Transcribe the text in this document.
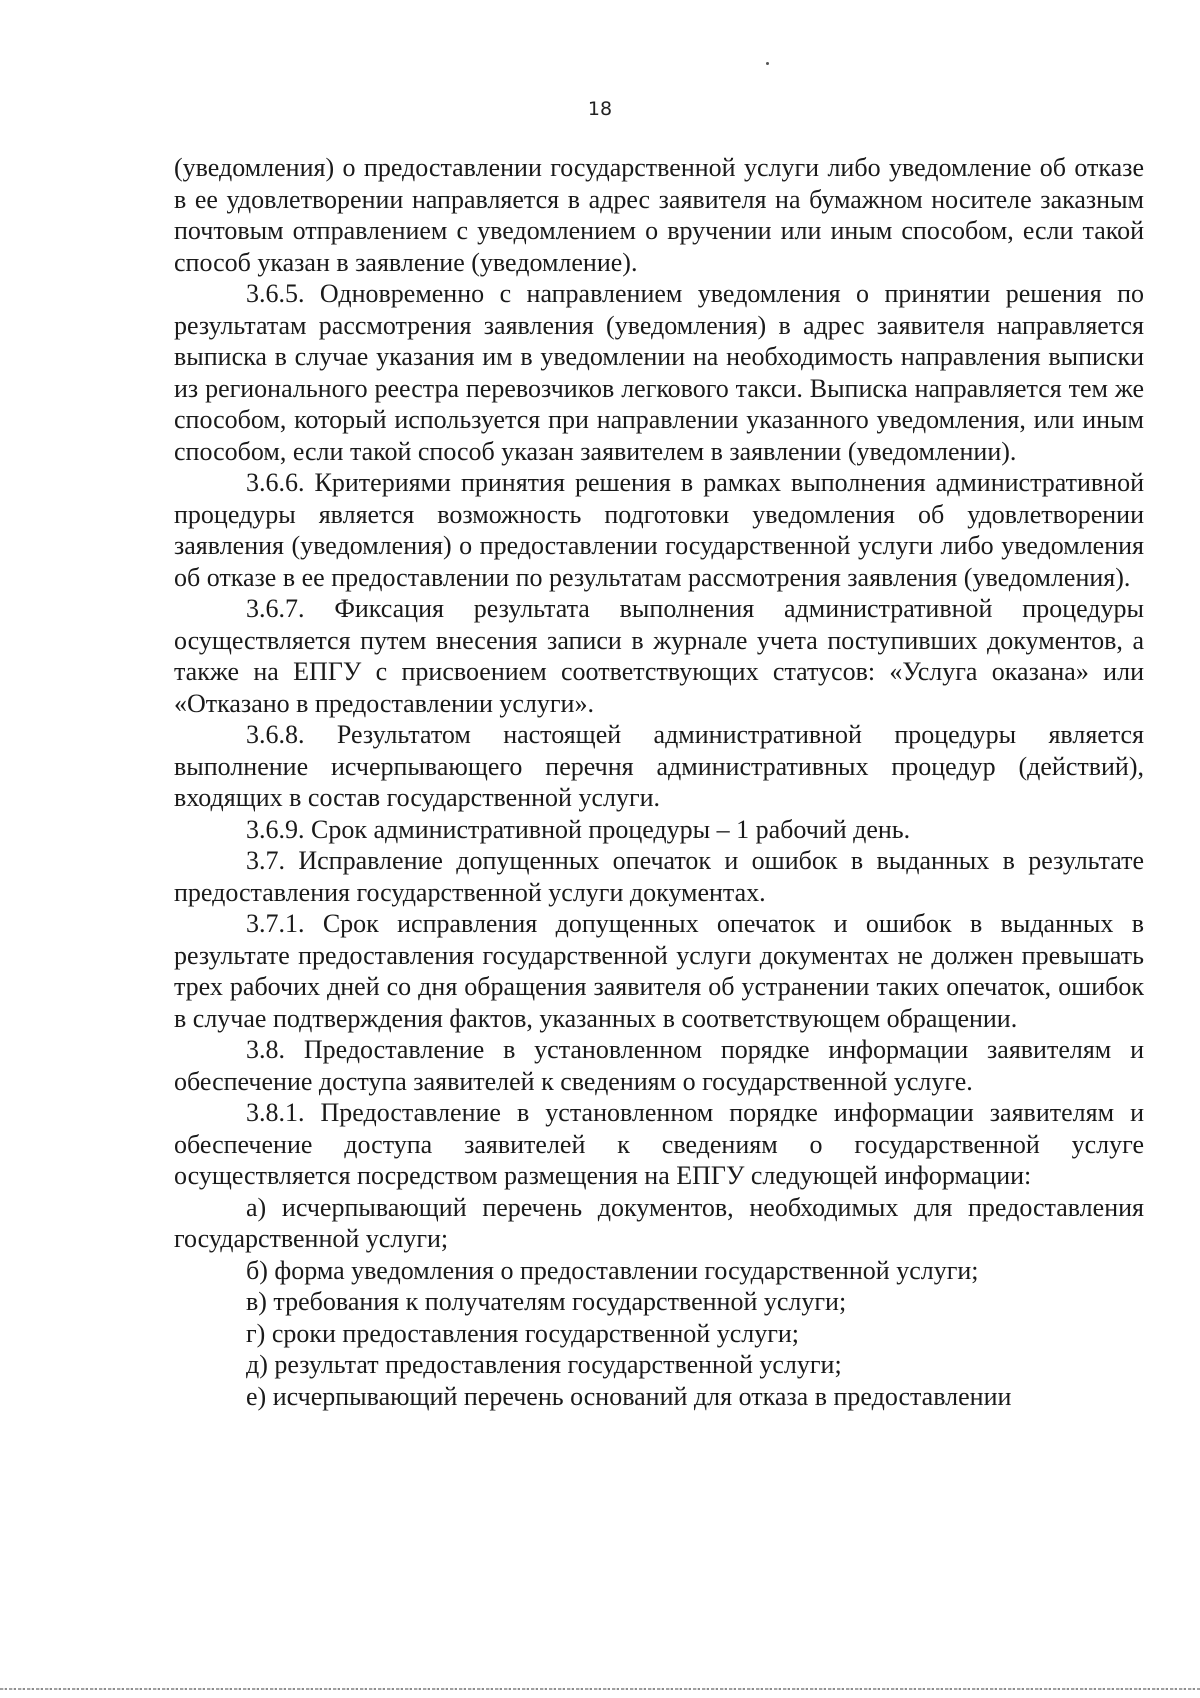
18

(уведомления) о предоставлении государственной услуги либо уведомление об отказе в ее удовлетворении направляется в адрес заявителя на бумажном носителе заказным почтовым отправлением с уведомлением о вручении или иным способом, если такой способ указан в заявление (уведомление).

3.6.5. Одновременно с направлением уведомления о принятии решения по результатам рассмотрения заявления (уведомления) в адрес заявителя направляется выписка в случае указания им в уведомлении на необходимость направления выписки из регионального реестра перевозчиков легкового такси. Выписка направляется тем же способом, который используется при направлении указанного уведомления, или иным способом, если такой способ указан заявителем в заявлении (уведомлении).

3.6.6. Критериями принятия решения в рамках выполнения административной процедуры является возможность подготовки уведомления об удовлетворении заявления (уведомления) о предоставлении государственной услуги либо уведомления об отказе в ее предоставлении по результатам рассмотрения заявления (уведомления).

3.6.7. Фиксация результата выполнения административной процедуры осуществляется путем внесения записи в журнале учета поступивших документов, а также на ЕПГУ с присвоением соответствующих статусов: «Услуга оказана» или «Отказано в предоставлении услуги».

3.6.8. Результатом настоящей административной процедуры является выполнение исчерпывающего перечня административных процедур (действий), входящих в состав государственной услуги.

3.6.9. Срок административной процедуры – 1 рабочий день.

3.7. Исправление допущенных опечаток и ошибок в выданных в результате предоставления государственной услуги документах.

3.7.1. Срок исправления допущенных опечаток и ошибок в выданных в результате предоставления государственной услуги документах не должен превышать трех рабочих дней со дня обращения заявителя об устранении таких опечаток, ошибок в случае подтверждения фактов, указанных в соответствующем обращении.

3.8. Предоставление в установленном порядке информации заявителям и обеспечение доступа заявителей к сведениям о государственной услуге.

3.8.1. Предоставление в установленном порядке информации заявителям и обеспечение доступа заявителей к сведениям о государственной услуге осуществляется посредством размещения на ЕПГУ следующей информации:

а) исчерпывающий перечень документов, необходимых для предоставления государственной услуги;

б) форма уведомления о предоставлении государственной услуги;

в) требования к получателям государственной услуги;

г) сроки предоставления государственной услуги;

д) результат предоставления государственной услуги;

е) исчерпывающий перечень оснований для отказа в предоставлении
